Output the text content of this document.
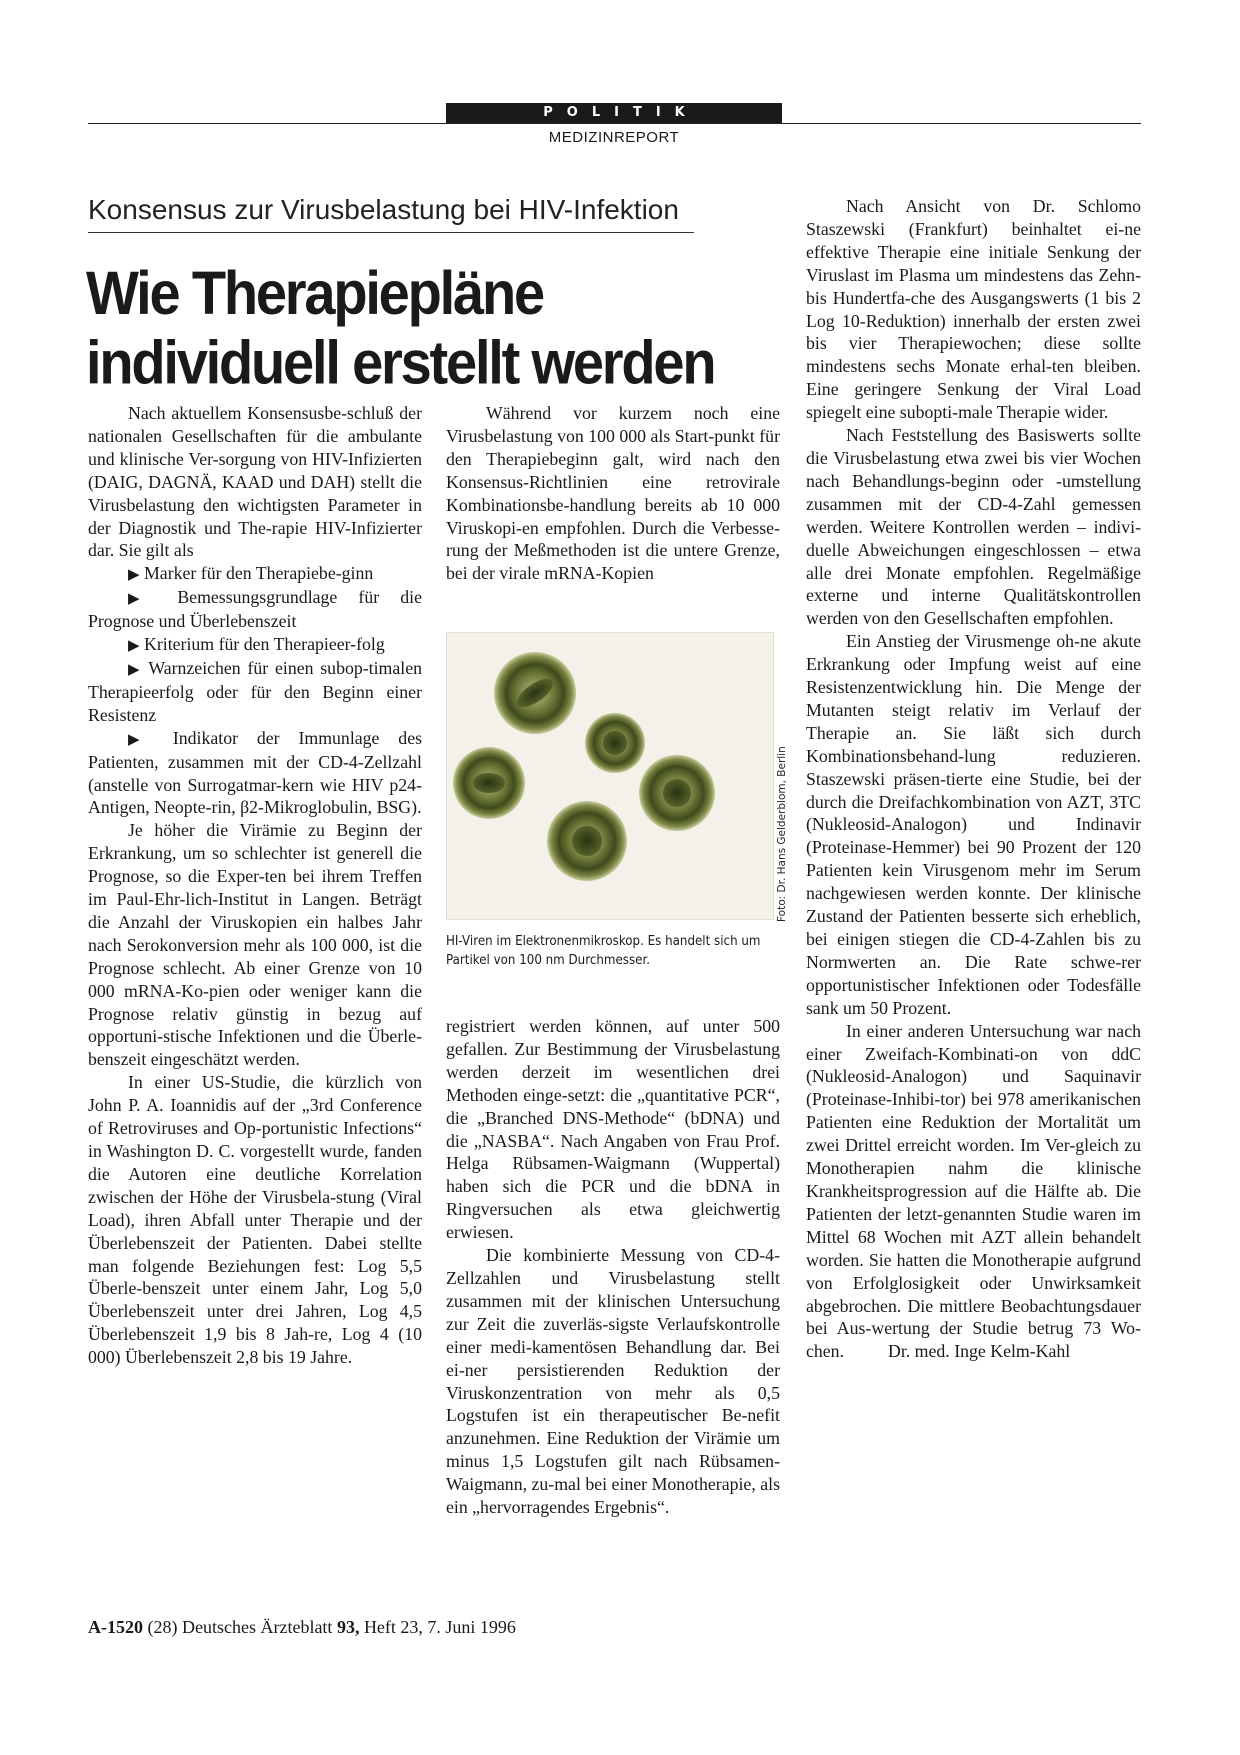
POLITIK
MEDIZINREPORT
Konsensus zur Virusbelastung bei HIV-Infektion
Wie Therapiepläne
individuell erstellt werden

Nach aktuellem Konsensusbe-schluß der nationalen Gesellschaften für die ambulante und klinische Ver-sorgung von HIV-Infizierten (DAIG, DAGNÄ, KAAD und DAH) stellt die Virusbelastung den wichtigsten Parameter in der Diagnostik und The-rapie HIV-Infizierter dar. Sie gilt als

▶ Marker für den Therapiebe-ginn

▶ Bemessungsgrundlage für die Prognose und Überlebenszeit

▶ Kriterium für den Therapieer-folg

▶ Warnzeichen für einen subop-timalen Therapieerfolg oder für den Beginn einer Resistenz

▶ Indikator der Immunlage des Patienten, zusammen mit der CD-4-Zellzahl (anstelle von Surrogatmar-kern wie HIV p24-Antigen, Neopte-rin, β2-Mikroglobulin, BSG).

Je höher die Virämie zu Beginn der Erkrankung, um so schlechter ist generell die Prognose, so die Exper-ten bei ihrem Treffen im Paul-Ehr-lich-Institut in Langen. Beträgt die Anzahl der Viruskopien ein halbes Jahr nach Serokonversion mehr als 100 000, ist die Prognose schlecht. Ab einer Grenze von 10 000 mRNA-Ko-pien oder weniger kann die Prognose relativ günstig in bezug auf opportuni-stische Infektionen und die Überle-benszeit eingeschätzt werden.

In einer US-Studie, die kürzlich von John P. A. Ioannidis auf der „3rd Conference of Retroviruses and Op-portunistic Infections“ in Washington D. C. vorgestellt wurde, fanden die Autoren eine deutliche Korrelation zwischen der Höhe der Virusbela-stung (Viral Load), ihren Abfall unter Therapie und der Überlebenszeit der Patienten. Dabei stellte man folgende Beziehungen fest: Log 5,5 Überle-benszeit unter einem Jahr, Log 5,0 Überlebenszeit unter drei Jahren, Log 4,5 Überlebenszeit 1,9 bis 8 Jah-re, Log 4 (10 000) Überlebenszeit 2,8 bis 19 Jahre.

Während vor kurzem noch eine Virusbelastung von 100 000 als Start-punkt für den Therapiebeginn galt, wird nach den Konsensus-Richtlinien eine retrovirale Kombinationsbe-handlung bereits ab 10 000 Viruskopi-en empfohlen. Durch die Verbesse-rung der Meßmethoden ist die untere Grenze, bei der virale mRNA-Kopien

Foto: Dr. Hans Gelderblom, Berlin
HI-Viren im Elektronenmikroskop. Es handelt sich um Partikel von 100 nm Durchmesser.

registriert werden können, auf unter 500 gefallen. Zur Bestimmung der Virusbelastung werden derzeit im wesentlichen drei Methoden einge-setzt: die „quantitative PCR“, die „Branched DNS-Methode“ (bDNA) und die „NASBA“. Nach Angaben von Frau Prof. Helga Rübsamen-Waigmann (Wuppertal) haben sich die PCR und die bDNA in Ringversuchen als etwa gleichwertig erwiesen.

Die kombinierte Messung von CD-4-Zellzahlen und Virusbelastung stellt zusammen mit der klinischen Untersuchung zur Zeit die zuverläs-sigste Verlaufskontrolle einer medi-kamentösen Behandlung dar. Bei ei-ner persistierenden Reduktion der Viruskonzentration von mehr als 0,5 Logstufen ist ein therapeutischer Be-nefit anzunehmen. Eine Reduktion der Virämie um minus 1,5 Logstufen gilt nach Rübsamen-Waigmann, zu-mal bei einer Monotherapie, als ein „hervorragendes Ergebnis“.

Nach Ansicht von Dr. Schlomo Staszewski (Frankfurt) beinhaltet ei-ne effektive Therapie eine initiale Senkung der Viruslast im Plasma um mindestens das Zehn- bis Hundertfa-che des Ausgangswerts (1 bis 2 Log 10-Reduktion) innerhalb der ersten zwei bis vier Therapiewochen; diese sollte mindestens sechs Monate erhal-ten bleiben. Eine geringere Senkung der Viral Load spiegelt eine subopti-male Therapie wider.

Nach Feststellung des Basiswerts sollte die Virusbelastung etwa zwei bis vier Wochen nach Behandlungs-beginn oder -umstellung zusammen mit der CD-4-Zahl gemessen werden. Weitere Kontrollen werden – indivi-duelle Abweichungen eingeschlossen – etwa alle drei Monate empfohlen. Regelmäßige externe und interne Qualitätskontrollen werden von den Gesellschaften empfohlen.

Ein Anstieg der Virusmenge oh-ne akute Erkrankung oder Impfung weist auf eine Resistenzentwicklung hin. Die Menge der Mutanten steigt relativ im Verlauf der Therapie an. Sie läßt sich durch Kombinationsbehand-lung reduzieren. Staszewski präsen-tierte eine Studie, bei der durch die Dreifachkombination von AZT, 3TC (Nukleosid-Analogon) und Indinavir (Proteinase-Hemmer) bei 90 Prozent der 120 Patienten kein Virusgenom mehr im Serum nachgewiesen werden konnte. Der klinische Zustand der Patienten besserte sich erheblich, bei einigen stiegen die CD-4-Zahlen bis zu Normwerten an. Die Rate schwe-rer opportunistischer Infektionen oder Todesfälle sank um 50 Prozent.

In einer anderen Untersuchung war nach einer Zweifach-Kombinati-on von ddC (Nukleosid-Analogon) und Saquinavir (Proteinase-Inhibi-tor) bei 978 amerikanischen Patienten eine Reduktion der Mortalität um zwei Drittel erreicht worden. Im Ver-gleich zu Monotherapien nahm die klinische Krankheitsprogression auf die Hälfte ab. Die Patienten der letzt-genannten Studie waren im Mittel 68 Wochen mit AZT allein behandelt worden. Sie hatten die Monotherapie aufgrund von Erfolglosigkeit oder Unwirksamkeit abgebrochen. Die mittlere Beobachtungsdauer bei Aus-wertung der Studie betrug 73 Wo-chen. Dr. med. Inge Kelm-Kahl

A-1520 (28) Deutsches Ärzteblatt 93, Heft 23, 7. Juni 1996
